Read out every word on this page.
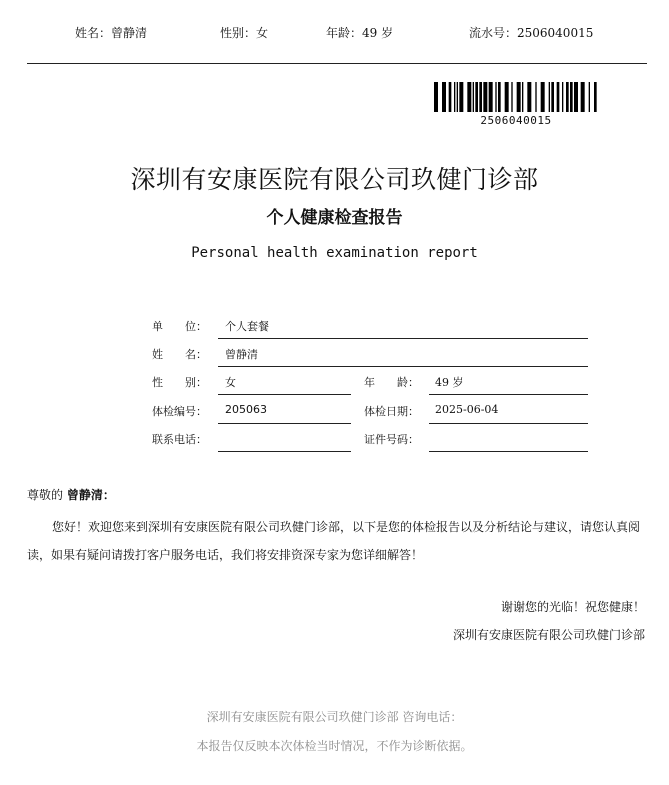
姓名：曾静清	性别：女	年龄：49 岁	流水号：2506040015
2506040015
深圳有安康医院有限公司玖健门诊部
个人健康检查报告
Personal health examination report
单　　位： 个人套餐
姓　　名： 曾静清
性　　别： 女	年　　龄： 49 岁
体检编号： 205063	体检日期： 2025-06-04
联系电话：	证件号码：
尊敬的 曾静清：
您好！欢迎您来到深圳有安康医院有限公司玖健门诊部，以下是您的体检报告以及分析结论与建议，请您认真阅读，如果有疑问请拨打客户服务电话，我们将安排资深专家为您详细解答！
谢谢您的光临！祝您健康！
深圳有安康医院有限公司玖健门诊部
深圳有安康医院有限公司玖健门诊部 咨询电话：
本报告仅反映本次体检当时情况，不作为诊断依据。
